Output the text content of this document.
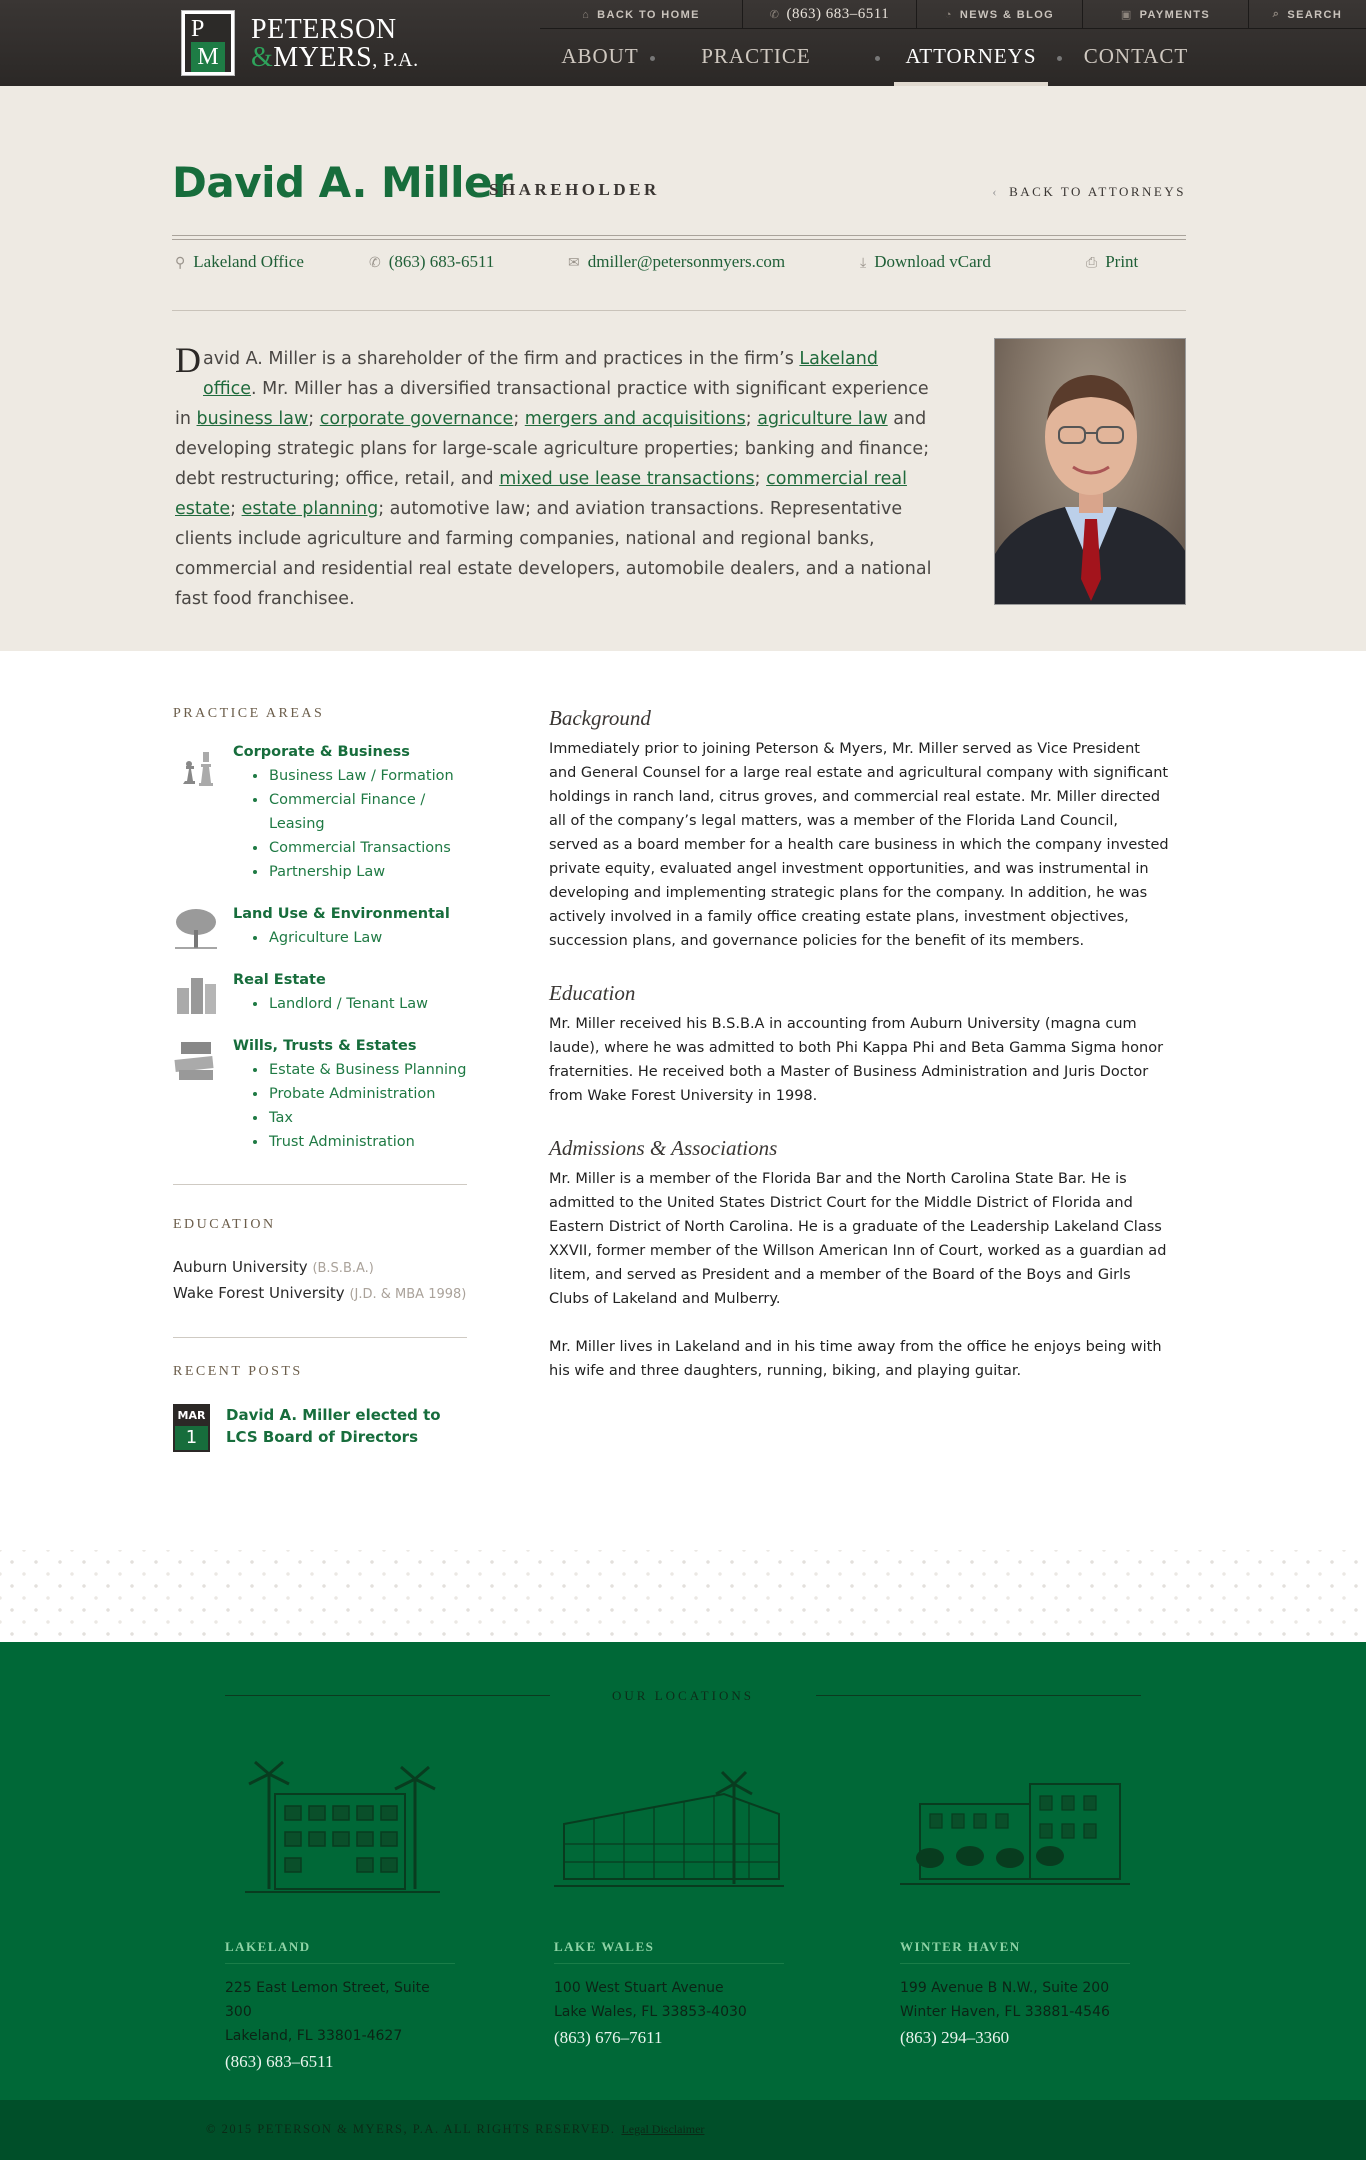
⌂ BACK TO HOME	✆ (863) 683–6511	◔ NEWS & BLOG	▣ PAYMENTS	⌕ SEARCH
P
M
PETERSON
&MYERS, P.A.	ABOUT	PRACTICE	ATTORNEYS	CONTACT
David A. Miller
SHAREHOLDER	‹ BACK TO ATTORNEYS
⚲ Lakeland Office	✆ (863) 683-6511	✉ dmiller@petersonmyers.com	⤓ Download vCard	⎙ Print
David A. Miller is a shareholder of the firm and practices in the firm’s Lakeland office. Mr. Miller has a diversified transactional practice with significant experience in business law; corporate governance; mergers and acquisitions; agriculture law and developing strategic plans for large-scale agriculture properties; banking and finance; debt restructuring; office, retail, and mixed use lease transactions; commercial real estate; estate planning; automotive law; and aviation transactions. Representative clients include agriculture and farming companies, national and regional banks, commercial and residential real estate developers, automobile dealers, and a national fast food franchisee.
PRACTICE AREAS
Corporate & Business
Business Law / Formation
Commercial Finance / Leasing
Commercial Transactions
Partnership Law
Land Use & Environmental
Agriculture Law
Real Estate
Landlord / Tenant Law
Wills, Trusts & Estates
Estate & Business Planning
Probate Administration
Tax
Trust Administration
EDUCATION
Auburn University (B.S.B.A.)
Wake Forest University (J.D. & MBA 1998)
RECENT POSTS
MAR
1
David A. Miller elected to LCS Board of Directors
Background

Immediately prior to joining Peterson & Myers, Mr. Miller served as Vice President and General Counsel for a large real estate and agricultural company with significant holdings in ranch land, citrus groves, and commercial real estate. Mr. Miller directed all of the company’s legal matters, was a member of the Florida Land Council, served as a board member for a health care business in which the company invested private equity, evaluated angel investment opportunities, and was instrumental in developing and implementing strategic plans for the company. In addition, he was actively involved in a family office creating estate plans, investment objectives, succession plans, and governance policies for the benefit of its members.

Education

Mr. Miller received his B.S.B.A in accounting from Auburn University (magna cum laude), where he was admitted to both Phi Kappa Phi and Beta Gamma Sigma honor fraternities. He received both a Master of Business Administration and Juris Doctor from Wake Forest University in 1998.

Admissions & Associations

Mr. Miller is a member of the Florida Bar and the North Carolina State Bar. He is admitted to the United States District Court for the Middle District of Florida and Eastern District of North Carolina. He is a graduate of the Leadership Lakeland Class XXVII, former member of the Willson American Inn of Court, worked as a guardian ad litem, and served as President and a member of the Board of the Boys and Girls Clubs of Lakeland and Mulberry.

Mr. Miller lives in Lakeland and in his time away from the office he enjoys being with his wife and three daughters, running, biking, and playing guitar.

OUR LOCATIONS
LAKELAND
225 East Lemon Street, Suite 300
Lakeland, FL 33801-4627
(863) 683–6511
LAKE WALES
100 West Stuart Avenue
Lake Wales, FL 33853-4030
(863) 676–7611
WINTER HAVEN
199 Avenue B N.W., Suite 200
Winter Haven, FL 33881-4546
(863) 294–3360
© 2015 PETERSON & MYERS, P.A. ALL RIGHTS RESERVED. Legal Disclaimer
